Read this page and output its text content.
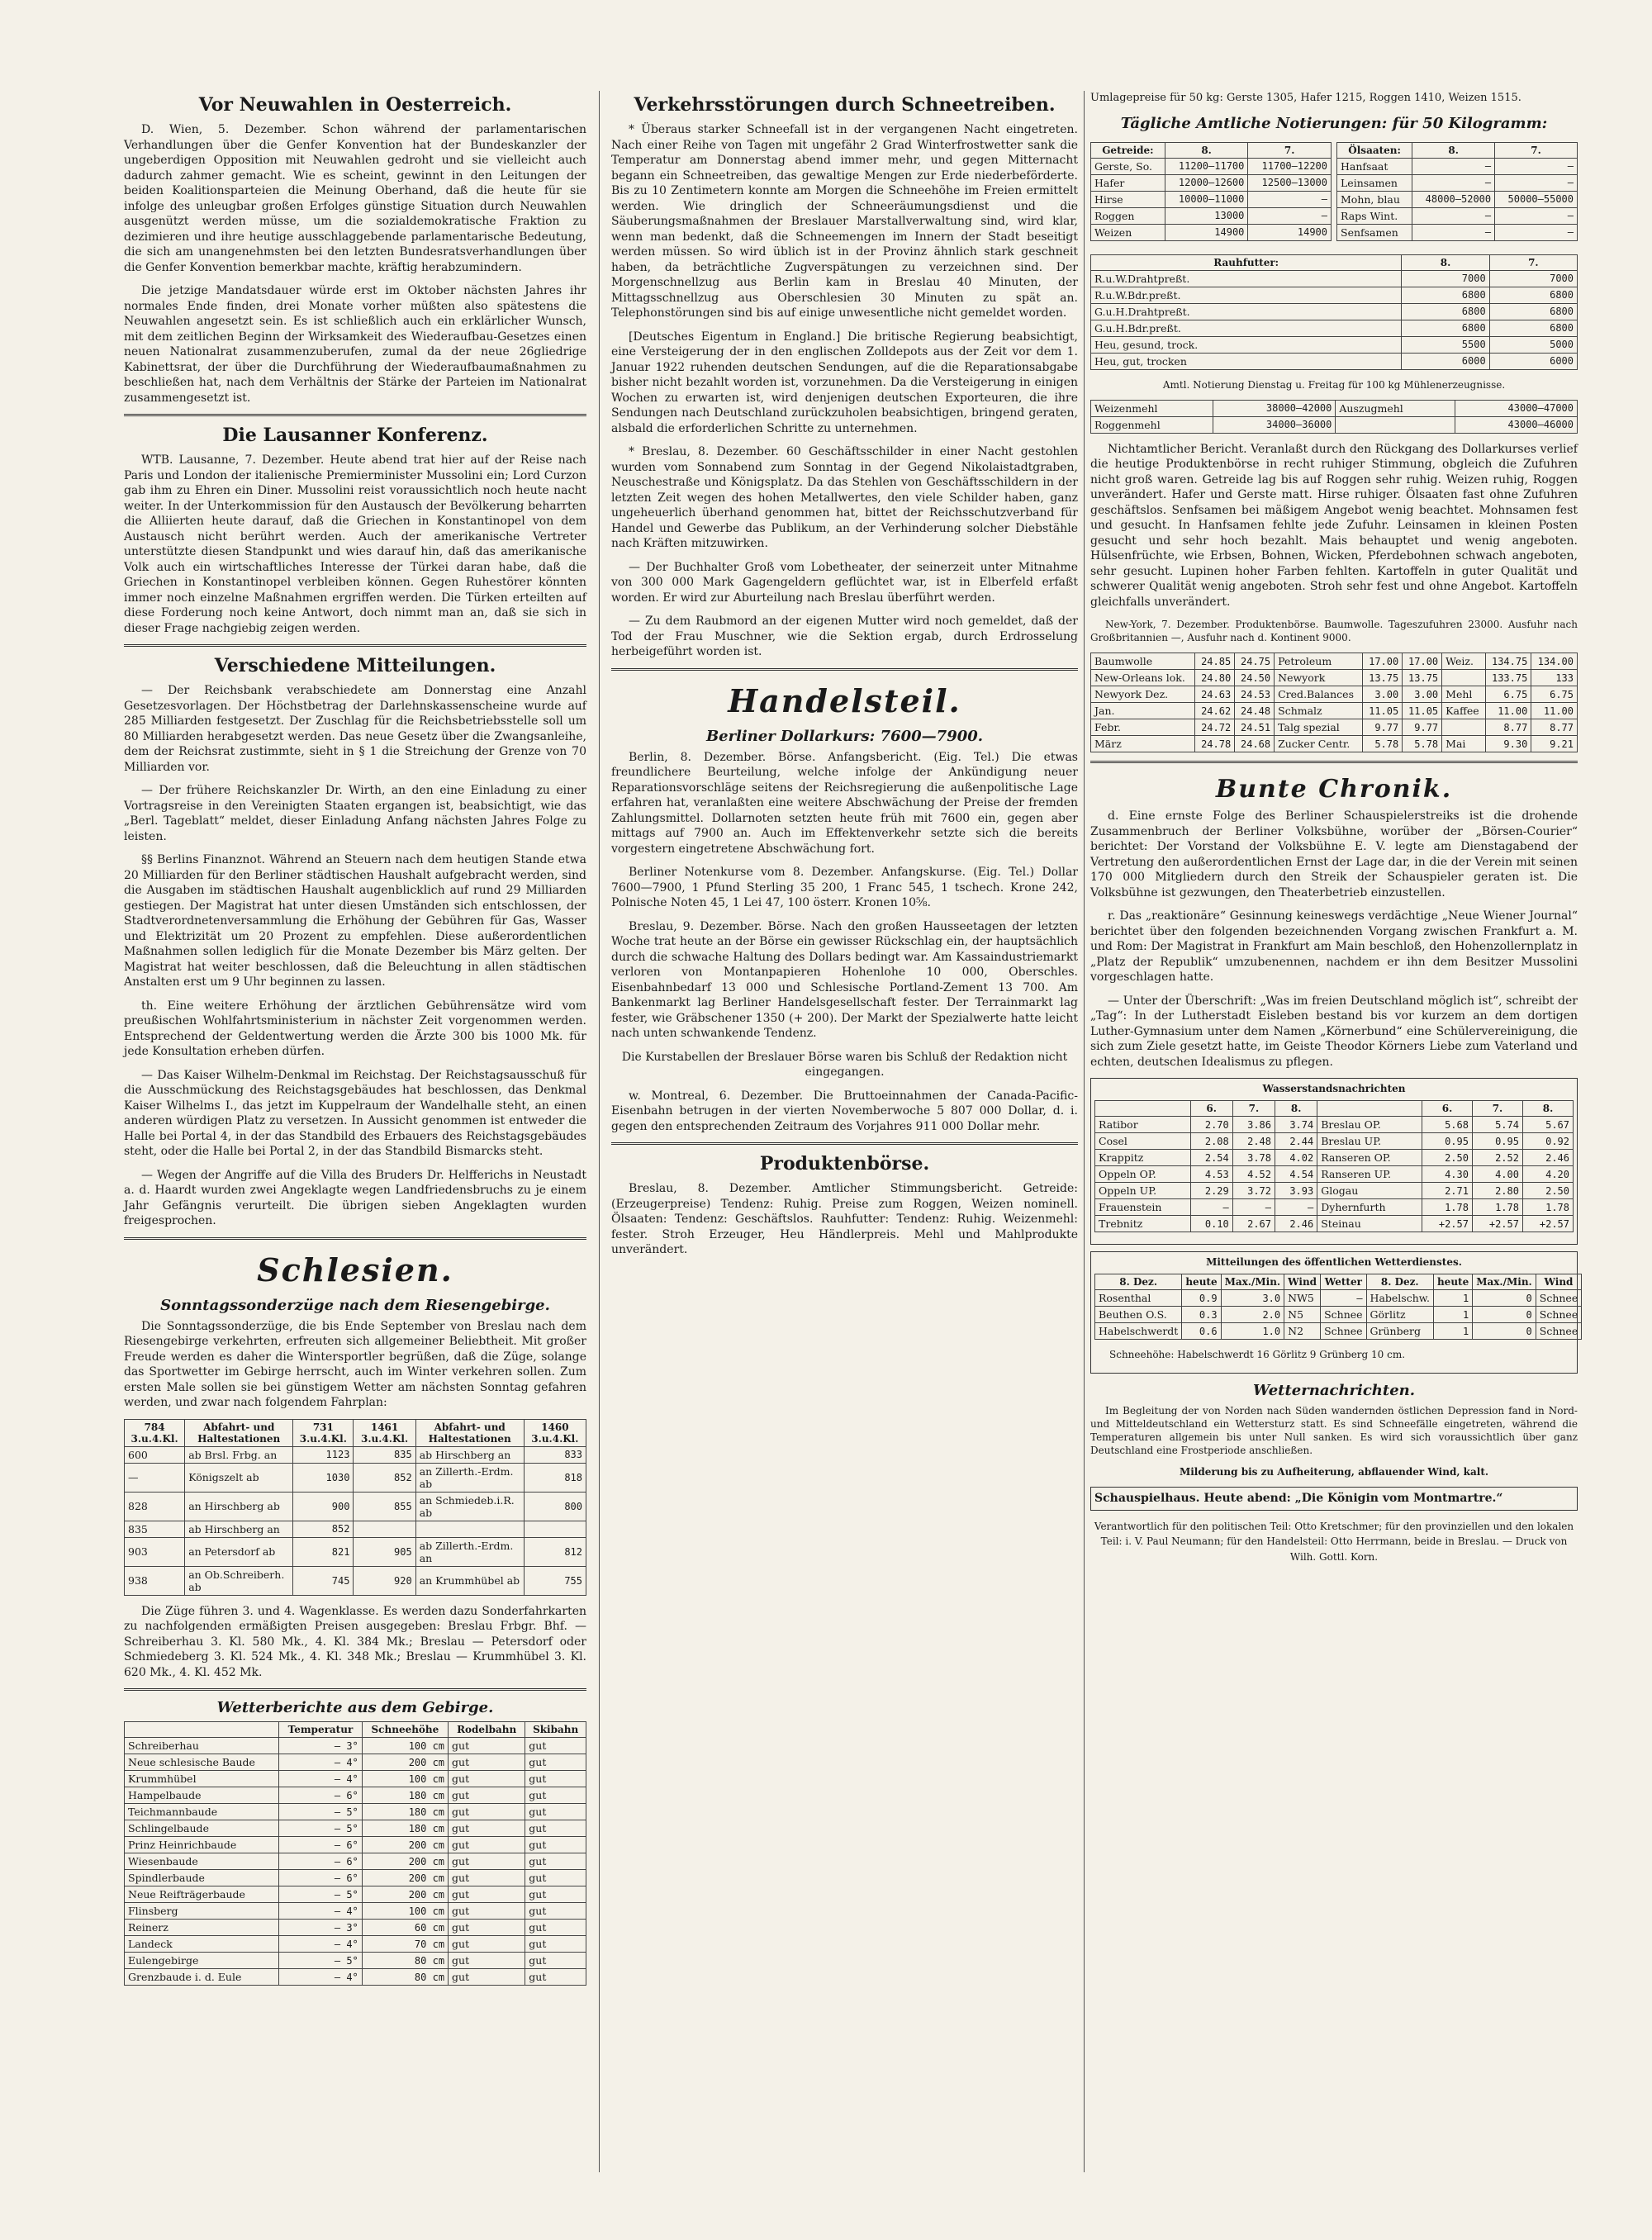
Vor Neuwahlen in Oesterreich.

D. Wien, 5. Dezember. Schon während der parlamentarischen Verhandlungen über die Genfer Konvention hat der Bundeskanzler der ungeberdigen Opposition mit Neuwahlen gedroht und sie vielleicht auch dadurch zahmer gemacht. Wie es scheint, gewinnt in den Leitungen der beiden Koalitionsparteien die Meinung Oberhand, daß die heute für sie infolge des unleugbar großen Erfolges günstige Situation durch Neuwahlen ausgenützt werden müsse, um die sozialdemokratische Fraktion zu dezimieren und ihre heutige ausschlaggebende parlamentarische Bedeutung, die sich am unangenehmsten bei den letzten Bundesratsverhandlungen über die Genfer Konvention bemerkbar machte, kräftig herabzumindern.

Die jetzige Mandatsdauer würde erst im Oktober nächsten Jahres ihr normales Ende finden, drei Monate vorher müßten also spätestens die Neuwahlen angesetzt sein. Es ist schließlich auch ein erklärlicher Wunsch, mit dem zeitlichen Beginn der Wirksamkeit des Wiederaufbau-Gesetzes einen neuen Nationalrat zusammenzuberufen, zumal da der neue 26gliedrige Kabinettsrat, der über die Durchführung der Wiederaufbaumaßnahmen zu beschließen hat, nach dem Verhältnis der Stärke der Parteien im Nationalrat zusammengesetzt ist.

Die Lausanner Konferenz.

WTB. Lausanne, 7. Dezember. Heute abend trat hier auf der Reise nach Paris und London der italienische Premierminister Mussolini ein; Lord Curzon gab ihm zu Ehren ein Diner. Mussolini reist voraussichtlich noch heute nacht weiter. In der Unterkommission für den Austausch der Bevölkerung beharrten die Alliierten heute darauf, daß die Griechen in Konstantinopel von dem Austausch nicht berührt werden. Auch der amerikanische Vertreter unterstützte diesen Standpunkt und wies darauf hin, daß das amerikanische Volk auch ein wirtschaftliches Interesse der Türkei daran habe, daß die Griechen in Konstantinopel verbleiben können. Gegen Ruhestörer könnten immer noch einzelne Maßnahmen ergriffen werden. Die Türken erteilten auf diese Forderung noch keine Antwort, doch nimmt man an, daß sie sich in dieser Frage nachgiebig zeigen werden.

Verschiedene Mitteilungen.

— Der Reichsbank verabschiedete am Donnerstag eine Anzahl Gesetzesvorlagen. Der Höchstbetrag der Darlehnskassenscheine wurde auf 285 Milliarden festgesetzt. Der Zuschlag für die Reichsbetriebsstelle soll um 80 Milliarden herabgesetzt werden. Das neue Gesetz über die Zwangsanleihe, dem der Reichsrat zustimmte, sieht in § 1 die Streichung der Grenze von 70 Milliarden vor.

— Der frühere Reichskanzler Dr. Wirth, an den eine Einladung zu einer Vortragsreise in den Vereinigten Staaten ergangen ist, beabsichtigt, wie das „Berl. Tageblatt“ meldet, dieser Einladung Anfang nächsten Jahres Folge zu leisten.

§§ Berlins Finanznot. Während an Steuern nach dem heutigen Stande etwa 20 Milliarden für den Berliner städtischen Haushalt aufgebracht werden, sind die Ausgaben im städtischen Haushalt augenblicklich auf rund 29 Milliarden gestiegen. Der Magistrat hat unter diesen Umständen sich entschlossen, der Stadtverordnetenversammlung die Erhöhung der Gebühren für Gas, Wasser und Elektrizität um 20 Prozent zu empfehlen. Diese außerordentlichen Maßnahmen sollen lediglich für die Monate Dezember bis März gelten. Der Magistrat hat weiter beschlossen, daß die Beleuchtung in allen städtischen Anstalten erst um 9 Uhr beginnen zu lassen.

th. Eine weitere Erhöhung der ärztlichen Gebührensätze wird vom preußischen Wohlfahrtsministerium in nächster Zeit vorgenommen werden. Entsprechend der Geldentwertung werden die Ärzte 300 bis 1000 Mk. für jede Konsultation erheben dürfen.

— Das Kaiser Wilhelm-Denkmal im Reichstag. Der Reichstagsausschuß für die Ausschmückung des Reichstagsgebäudes hat beschlossen, das Denkmal Kaiser Wilhelms I., das jetzt im Kuppelraum der Wandelhalle steht, an einen anderen würdigen Platz zu versetzen. In Aussicht genommen ist entweder die Halle bei Portal 4, in der das Standbild des Erbauers des Reichstagsgebäudes steht, oder die Halle bei Portal 2, in der das Standbild Bismarcks steht.

— Wegen der Angriffe auf die Villa des Bruders Dr. Helfferichs in Neustadt a. d. Haardt wurden zwei Angeklagte wegen Landfriedensbruchs zu je einem Jahr Gefängnis verurteilt. Die übrigen sieben Angeklagten wurden freigesprochen.

Schlesien.
Sonntagssonderzüge nach dem Riesengebirge.

Die Sonntagssonderzüge, die bis Ende September von Breslau nach dem Riesengebirge verkehrten, erfreuten sich allgemeiner Beliebtheit. Mit großer Freude werden es daher die Wintersportler begrüßen, daß die Züge, solange das Sportwetter im Gebirge herrscht, auch im Winter verkehren sollen. Zum ersten Male sollen sie bei günstigem Wetter am nächsten Sonntag gefahren werden, und zwar nach folgendem Fahrplan:

784 3.u.4.Kl.	Abfahrt- und Haltestationen	731 3.u.4.Kl.	1461 3.u.4.Kl.	Abfahrt- und Haltestationen	1460 3.u.4.Kl.
600	ab Brsl. Frbg. an	1123	835	ab Hirschberg an	833
—	Königszelt ab	1030	852	an Zillerth.-Erdm. ab	818
828	an Hirschberg ab	900	855	an Schmiedeb.i.R. ab	800
835	ab Hirschberg an	852			
903	an Petersdorf ab	821	905	ab Zillerth.-Erdm. an	812
938	an Ob.Schreiberh. ab	745	920	an Krummhübel ab	755

Die Züge führen 3. und 4. Wagenklasse. Es werden dazu Sonderfahrkarten zu nachfolgenden ermäßigten Preisen ausgegeben: Breslau Frbgr. Bhf. — Schreiberhau 3. Kl. 580 Mk., 4. Kl. 384 Mk.; Breslau — Petersdorf oder Schmiedeberg 3. Kl. 524 Mk., 4. Kl. 348 Mk.; Breslau — Krummhübel 3. Kl. 620 Mk., 4. Kl. 452 Mk.

Wetterberichte aus dem Gebirge.
	Temperatur	Schneehöhe	Rodelbahn	Skibahn
Schreiberhau	— 3°	100 cm	gut	gut
Neue schlesische Baude	— 4°	200 cm	gut	gut
Krummhübel	— 4°	100 cm	gut	gut
Hampelbaude	— 6°	180 cm	gut	gut
Teichmannbaude	— 5°	180 cm	gut	gut
Schlingelbaude	— 5°	180 cm	gut	gut
Prinz Heinrichbaude	— 6°	200 cm	gut	gut
Wiesenbaude	— 6°	200 cm	gut	gut
Spindlerbaude	— 6°	200 cm	gut	gut
Neue Reifträgerbaude	— 5°	200 cm	gut	gut
Flinsberg	— 4°	100 cm	gut	gut
Reinerz	— 3°	60 cm	gut	gut
Landeck	— 4°	70 cm	gut	gut
Eulengebirge	— 5°	80 cm	gut	gut
Grenzbaude i. d. Eule	— 4°	80 cm	gut	gut
Verkehrsstörungen durch Schneetreiben.

* Überaus starker Schneefall ist in der vergangenen Nacht eingetreten. Nach einer Reihe von Tagen mit ungefähr 2 Grad Winterfrostwetter sank die Temperatur am Donnerstag abend immer mehr, und gegen Mitternacht begann ein Schneetreiben, das gewaltige Mengen zur Erde niederbeförderte. Bis zu 10 Zentimetern konnte am Morgen die Schneehöhe im Freien ermittelt werden. Wie dringlich der Schneeräumungsdienst und die Säuberungsmaßnahmen der Breslauer Marstallverwaltung sind, wird klar, wenn man bedenkt, daß die Schneemengen im Innern der Stadt beseitigt werden müssen. So wird üblich ist in der Provinz ähnlich stark geschneit haben, da beträchtliche Zugverspätungen zu verzeichnen sind. Der Morgenschnellzug aus Berlin kam in Breslau 40 Minuten, der Mittagsschnellzug aus Oberschlesien 30 Minuten zu spät an. Telephonstörungen sind bis auf einige unwesentliche nicht gemeldet worden.

[Deutsches Eigentum in England.] Die britische Regierung beabsichtigt, eine Versteigerung der in den englischen Zolldepots aus der Zeit vor dem 1. Januar 1922 ruhenden deutschen Sendungen, auf die die Reparationsabgabe bisher nicht bezahlt worden ist, vorzunehmen. Da die Versteigerung in einigen Wochen zu erwarten ist, wird denjenigen deutschen Exporteuren, die ihre Sendungen nach Deutschland zurückzuholen beabsichtigen, bringend geraten, alsbald die erforderlichen Schritte zu unternehmen.

* Breslau, 8. Dezember. 60 Geschäftsschilder in einer Nacht gestohlen wurden vom Sonnabend zum Sonntag in der Gegend Nikolaistadtgraben, Neuschestraße und Königsplatz. Da das Stehlen von Geschäftsschildern in der letzten Zeit wegen des hohen Metallwertes, den viele Schilder haben, ganz ungeheuerlich überhand genommen hat, bittet der Reichsschutzverband für Handel und Gewerbe das Publikum, an der Verhinderung solcher Diebstähle nach Kräften mitzuwirken.

— Der Buchhalter Groß vom Lobetheater, der seinerzeit unter Mitnahme von 300 000 Mark Gagengeldern geflüchtet war, ist in Elberfeld erfaßt worden. Er wird zur Aburteilung nach Breslau überführt werden.

— Zu dem Raubmord an der eigenen Mutter wird noch gemeldet, daß der Tod der Frau Muschner, wie die Sektion ergab, durch Erdrosselung herbeigeführt worden ist.

Handelsteil.
Berliner Dollarkurs: 7600—7900.

Berlin, 8. Dezember. Börse. Anfangsbericht. (Eig. Tel.) Die etwas freundlichere Beurteilung, welche infolge der Ankündigung neuer Reparationsvorschläge seitens der Reichsregierung die außenpolitische Lage erfahren hat, veranlaßten eine weitere Abschwächung der Preise der fremden Zahlungsmittel. Dollarnoten setzten heute früh mit 7600 ein, gegen aber mittags auf 7900 an. Auch im Effektenverkehr setzte sich die bereits vorgestern eingetretene Abschwächung fort.

Berliner Notenkurse vom 8. Dezember. Anfangskurse. (Eig. Tel.) Dollar 7600—7900, 1 Pfund Sterling 35 200, 1 Franc 545, 1 tschech. Krone 242, Polnische Noten 45, 1 Lei 47, 100 österr. Kronen 10⅝.

Breslau, 9. Dezember. Börse. Nach den großen Hausseetagen der letzten Woche trat heute an der Börse ein gewisser Rückschlag ein, der hauptsächlich durch die schwache Haltung des Dollars bedingt war. Am Kassaindustriemarkt verloren von Montanpapieren Hohenlohe 10 000, Oberschles. Eisenbahnbedarf 13 000 und Schlesische Portland-Zement 13 700. Am Bankenmarkt lag Berliner Handelsgesellschaft fester. Der Terrainmarkt lag fester, wie Gräbschener 1350 (+ 200). Der Markt der Spezialwerte hatte leicht nach unten schwankende Tendenz.

Die Kurstabellen der Breslauer Börse waren bis Schluß der Redaktion nicht eingegangen.

w. Montreal, 6. Dezember. Die Bruttoeinnahmen der Canada-Pacific-Eisenbahn betrugen in der vierten Novemberwoche 5 807 000 Dollar, d. i. gegen den entsprechenden Zeitraum des Vorjahres 911 000 Dollar mehr.

Produktenbörse.

Breslau, 8. Dezember. Amtlicher Stimmungsbericht. Getreide: (Erzeugerpreise) Tendenz: Ruhig. Preise zum Roggen, Weizen nominell. Ölsaaten: Tendenz: Geschäftslos. Rauhfutter: Tendenz: Ruhig. Weizenmehl: fester. Stroh Erzeuger, Heu Händlerpreis. Mehl und Mahlprodukte unverändert.

Umlagepreise für 50 kg: Gerste 1305, Hafer 1215, Roggen 1410, Weizen 1515.

Tägliche Amtliche Notierungen: für 50 Kilogramm:
Getreide:	8.	7.
Gerste, So.	11200—11700	11700—12200
Hafer	12000—12600	12500—13000
Hirse	10000—11000	—
Roggen	13000	—
Weizen	14900	14900
Ölsaaten:	8.	7.
Hanfsaat	—	—
Leinsamen	—	—
Mohn, blau	48000—52000	50000—55000
Raps Wint.	—	—
Senfsamen	—	—
Rauhfutter:	8.	7.
R.u.W.Drahtpreßt.	7000	7000
R.u.W.Bdr.preßt.	6800	6800
G.u.H.Drahtpreßt.	6800	6800
G.u.H.Bdr.preßt.	6800	6800
Heu, gesund, trock.	5500	5000
Heu, gut, trocken	6000	6000

Amtl. Notierung Dienstag u. Freitag für 100 kg Mühlenerzeugnisse.

Weizenmehl	38000—42000	Auszugmehl	43000—47000
Roggenmehl	34000—36000		43000—46000

Nichtamtlicher Bericht. Veranlaßt durch den Rückgang des Dollarkurses verlief die heutige Produktenbörse in recht ruhiger Stimmung, obgleich die Zufuhren nicht groß waren. Getreide lag bis auf Roggen sehr ruhig. Weizen ruhig, Roggen unverändert. Hafer und Gerste matt. Hirse ruhiger. Ölsaaten fast ohne Zufuhren geschäftslos. Senfsamen bei mäßigem Angebot wenig beachtet. Mohnsamen fest und gesucht. In Hanfsamen fehlte jede Zufuhr. Leinsamen in kleinen Posten gesucht und sehr hoch bezahlt. Mais behauptet und wenig angeboten. Hülsenfrüchte, wie Erbsen, Bohnen, Wicken, Pferdebohnen schwach angeboten, sehr gesucht. Lupinen hoher Farben fehlten. Kartoffeln in guter Qualität und schwerer Qualität wenig angeboten. Stroh sehr fest und ohne Angebot. Kartoffeln gleichfalls unverändert.

New-York, 7. Dezember. Produktenbörse. Baumwolle. Tageszufuhren 23000. Ausfuhr nach Großbritannien —, Ausfuhr nach d. Kontinent 9000.

Baumwolle	24.85	24.75	Petroleum	17.00	17.00	Weiz.	134.75	134.00
New-Orleans lok.	24.80	24.50	Newyork	13.75	13.75		133.75	133
Newyork Dez.	24.63	24.53	Cred.Balances	3.00	3.00	Mehl	6.75	6.75
Jan.	24.62	24.48	Schmalz	11.05	11.05	Kaffee	11.00	11.00
Febr.	24.72	24.51	Talg spezial	9.77	9.77		8.77	8.77
März	24.78	24.68	Zucker Centr.	5.78	5.78	Mai	9.30	9.21
Bunte Chronik.

d. Eine ernste Folge des Berliner Schauspielerstreiks ist die drohende Zusammenbruch der Berliner Volksbühne, worüber der „Börsen-Courier“ berichtet: Der Vorstand der Volksbühne E. V. legte am Dienstagabend der Vertretung den außerordentlichen Ernst der Lage dar, in die der Verein mit seinen 170 000 Mitgliedern durch den Streik der Schauspieler geraten ist. Die Volksbühne ist gezwungen, den Theaterbetrieb einzustellen.

r. Das „reaktionäre“ Gesinnung keineswegs verdächtige „Neue Wiener Journal“ berichtet über den folgenden bezeichnenden Vorgang zwischen Frankfurt a. M. und Rom: Der Magistrat in Frankfurt am Main beschloß, den Hohenzollernplatz in „Platz der Republik“ umzubenennen, nachdem er ihn dem Besitzer Mussolini vorgeschlagen hatte.

— Unter der Überschrift: „Was im freien Deutschland möglich ist“, schreibt der „Tag“: In der Lutherstadt Eisleben bestand bis vor kurzem an dem dortigen Luther-Gymnasium unter dem Namen „Körnerbund“ eine Schülervereinigung, die sich zum Ziele gesetzt hatte, im Geiste Theodor Körners Liebe zum Vaterland und echten, deutschen Idealismus zu pflegen.

Wasserstandsnachrichten
	6.	7.	8.		6.	7.	8.
Ratibor	2.70	3.86	3.74	Breslau OP.	5.68	5.74	5.67
Cosel	2.08	2.48	2.44	Breslau UP.	0.95	0.95	0.92
Krappitz	2.54	3.78	4.02	Ranseren OP.	2.50	2.52	2.46
Oppeln OP.	4.53	4.52	4.54	Ranseren UP.	4.30	4.00	4.20
Oppeln UP.	2.29	3.72	3.93	Glogau	2.71	2.80	2.50
Frauenstein	—	—	—	Dyhernfurth	1.78	1.78	1.78
Trebnitz	0.10	2.67	2.46	Steinau	+2.57	+2.57	+2.57
Mitteilungen des öffentlichen Wetterdienstes.
8. Dez.	heute	Max./Min.	Wind	Wetter	8. Dez.	heute	Max./Min.	Wind
Rosenthal	0.9	3.0	NW5	—	Habelschw.	1	0	Schnee
Beuthen O.S.	0.3	2.0	N5	Schnee	Görlitz	1	0	Schnee
Habelschwerdt	0.6	1.0	N2	Schnee	Grünberg	1	0	Schnee

Schneehöhe: Habelschwerdt 16 Görlitz 9 Grünberg 10 cm.

Wetternachrichten.

Im Begleitung der von Norden nach Süden wandernden östlichen Depression fand in Nord- und Mitteldeutschland ein Wettersturz statt. Es sind Schneefälle eingetreten, während die Temperaturen allgemein bis unter Null sanken. Es wird sich voraussichtlich über ganz Deutschland eine Frostperiode anschließen.

Milderung bis zu Aufheiterung, abflauender Wind, kalt.

Schauspielhaus. Heute abend: „Die Königin vom Montmartre.“

Verantwortlich für den politischen Teil: Otto Kretschmer; für den provinziellen und den lokalen Teil: i. V. Paul Neumann; für den Handelsteil: Otto Herrmann, beide in Breslau. — Druck von Wilh. Gottl. Korn.
